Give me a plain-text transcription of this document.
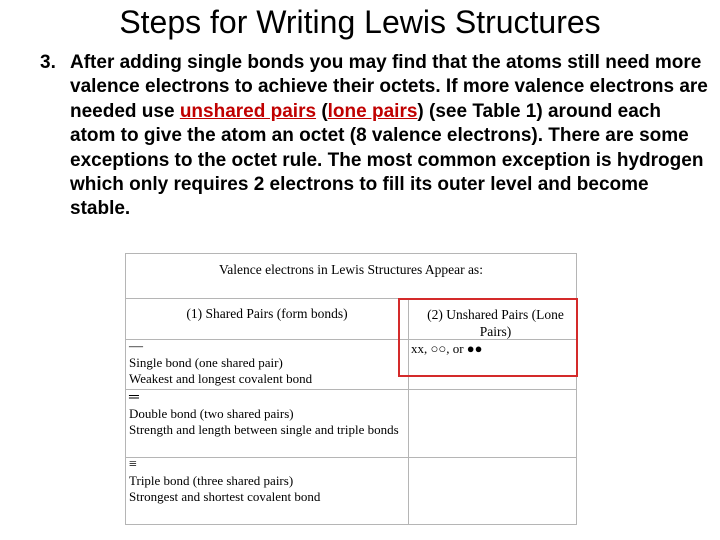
Steps for Writing Lewis Structures
3. After adding single bonds you may find that the atoms still need more valence electrons to achieve their octets. If more valence electrons are needed use unshared pairs (lone pairs) (see Table 1) around each atom to give the atom an octet (8 valence electrons). There are some exceptions to the octet rule. The most common exception is hydrogen which only requires 2 electrons to fill its outer level and become stable.
Valence electrons in Lewis Structures Appear as:
(1) Shared Pairs (form bonds)	(2) Unshared Pairs (Lone Pairs)
xx, ○○, or ●●
—
Single bond (one shared pair)
Weakest and longest covalent bond
═
Double bond (two shared pairs)
Strength and length between single and triple bonds
≡
Triple bond (three shared pairs)
Strongest and shortest covalent bond
